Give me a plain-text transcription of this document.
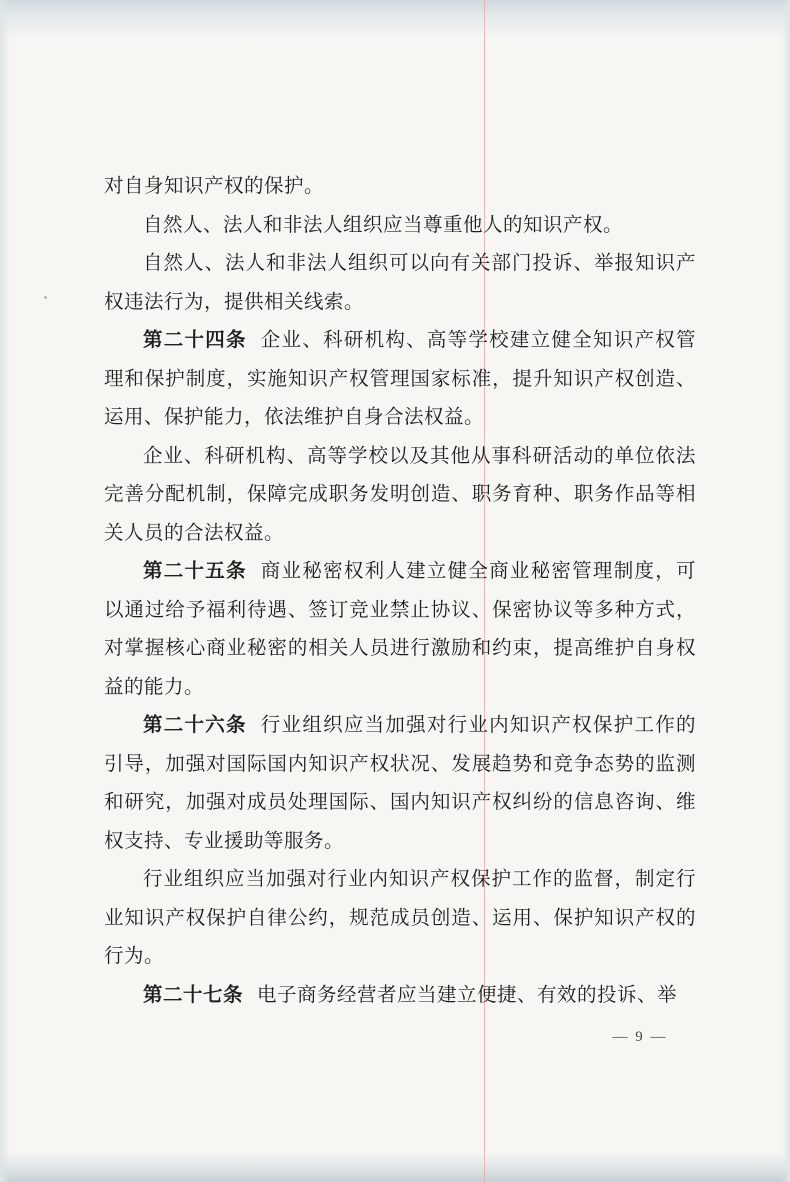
对自身知识产权的保护。

自然人、法人和非法人组织应当尊重他人的知识产权。

自然人、法人和非法人组织可以向有关部门投诉、举报知识产权违法行为，提供相关线索。

第二十四条 企业、科研机构、高等学校建立健全知识产权管理和保护制度，实施知识产权管理国家标准，提升知识产权创造、运用、保护能力，依法维护自身合法权益。

企业、科研机构、高等学校以及其他从事科研活动的单位依法完善分配机制，保障完成职务发明创造、职务育种、职务作品等相关人员的合法权益。

第二十五条 商业秘密权利人建立健全商业秘密管理制度，可以通过给予福利待遇、签订竞业禁止协议、保密协议等多种方式，对掌握核心商业秘密的相关人员进行激励和约束，提高维护自身权益的能力。

第二十六条 行业组织应当加强对行业内知识产权保护工作的引导，加强对国际国内知识产权状况、发展趋势和竞争态势的监测和研究，加强对成员处理国际、国内知识产权纠纷的信息咨询、维权支持、专业援助等服务。

行业组织应当加强对行业内知识产权保护工作的监督，制定行业知识产权保护自律公约，规范成员创造、运用、保护知识产权的行为。

第二十七条 电子商务经营者应当建立便捷、有效的投诉、举

— 9 —
